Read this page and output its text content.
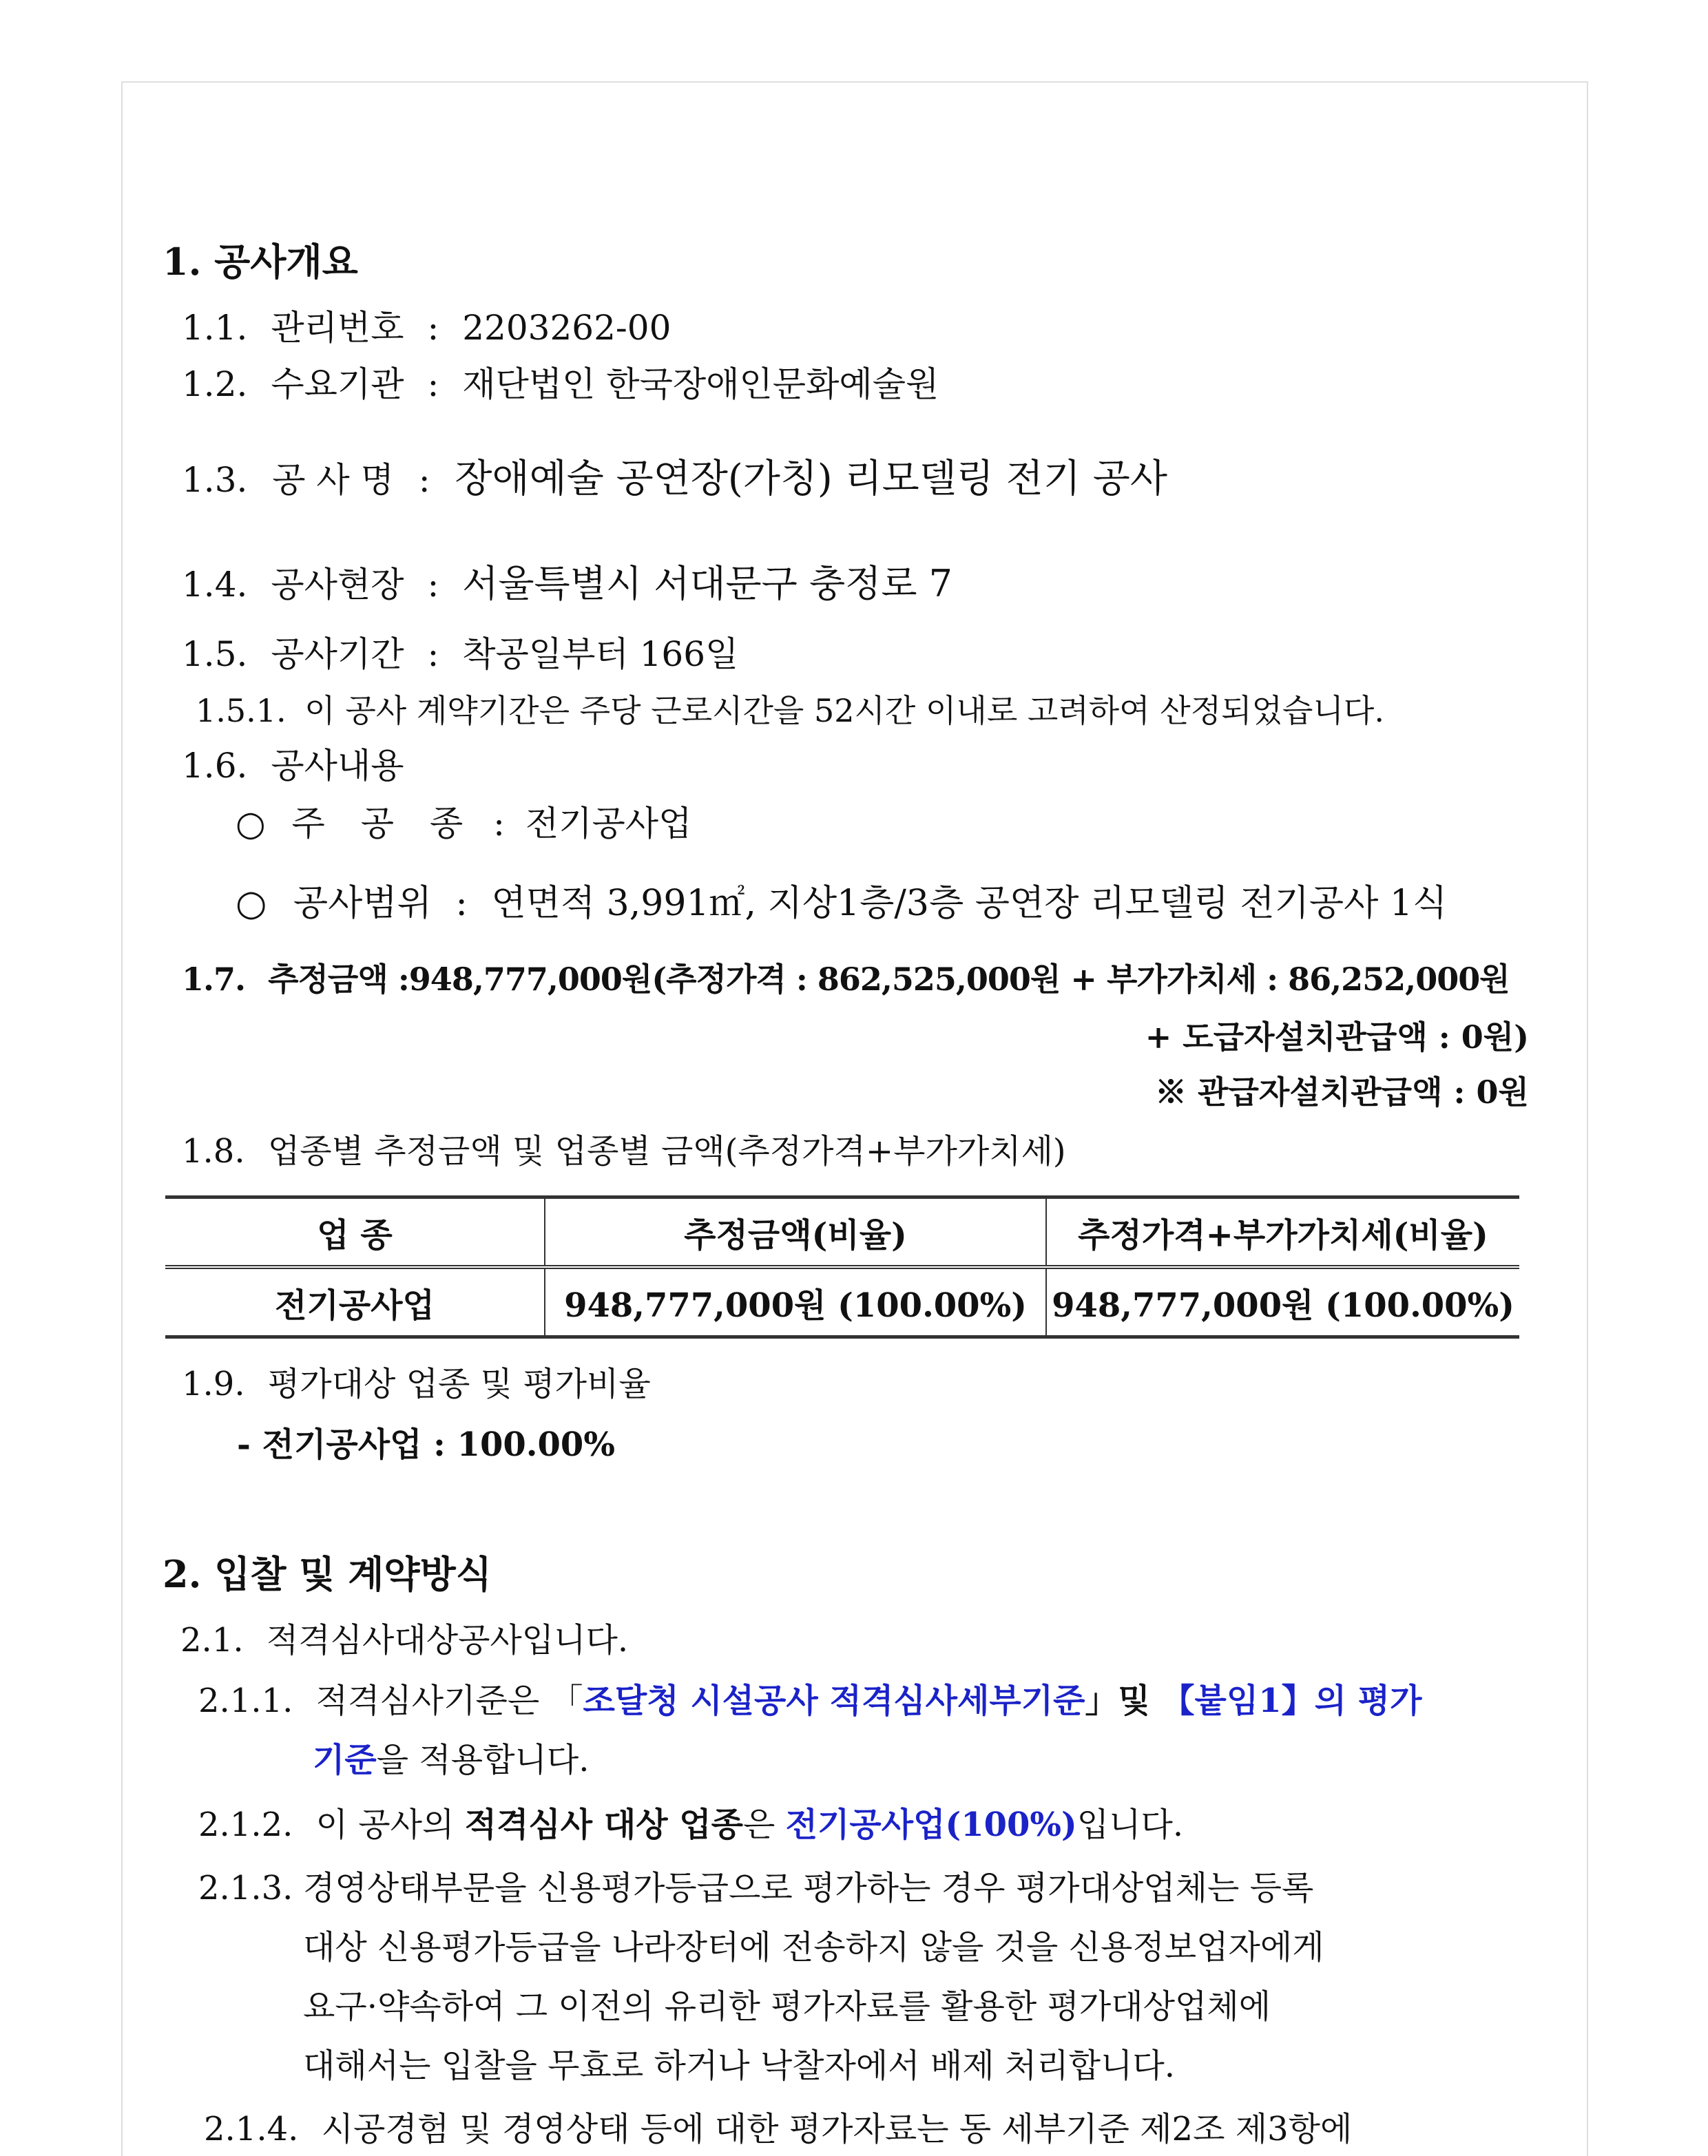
1. 공사개요
1.1. 관리번호 : 2203262-00
1.2. 수요기관 : 재단법인 한국장애인문화예술원
1.3. 공 사 명 : 장애예술 공연장(가칭) 리모델링 전기 공사
1.4. 공사현장 : 서울특별시 서대문구 충정로 7
1.5. 공사기간 : 착공일부터 166일
1.5.1. 이 공사 계약기간은 주당 근로시간을 52시간 이내로 고려하여 산정되었습니다.
1.6. 공사내용
○ 주 공 종 : 전기공사업
○ 공사범위 : 연면적 3,991㎡, 지상1층/3층 공연장 리모델링 전기공사 1식
1.7. 추정금액 :948,777,000원(추정가격 : 862,525,000원 + 부가가치세 : 86,252,000원
+ 도급자설치관급액 : 0원)
※ 관급자설치관급액 : 0원
1.8. 업종별 추정금액 및 업종별 금액(추정가격+부가가치세)
업 종	추정금액(비율)	추정가격+부가가치세(비율)
전기공사업	948,777,000원 (100.00%)	948,777,000원 (100.00%)
1.9. 평가대상 업종 및 평가비율
- 전기공사업 : 100.00%
2. 입찰 및 계약방식
2.1. 적격심사대상공사입니다.
2.1.1. 적격심사기준은 「조달청 시설공사 적격심사세부기준」및 【붙임1】의 평가
기준을 적용합니다.
2.1.2. 이 공사의 적격심사 대상 업종은 전기공사업(100%)입니다.
2.1.3. 경영상태부문을 신용평가등급으로 평가하는 경우 평가대상업체는 등록
대상 신용평가등급을 나라장터에 전송하지 않을 것을 신용정보업자에게
요구·약속하여 그 이전의 유리한 평가자료를 활용한 평가대상업체에
대해서는 입찰을 무효로 하거나 낙찰자에서 배제 처리합니다.
2.1.4. 시공경험 및 경영상태 등에 대한 평가자료는 동 세부기준 제2조 제3항에
